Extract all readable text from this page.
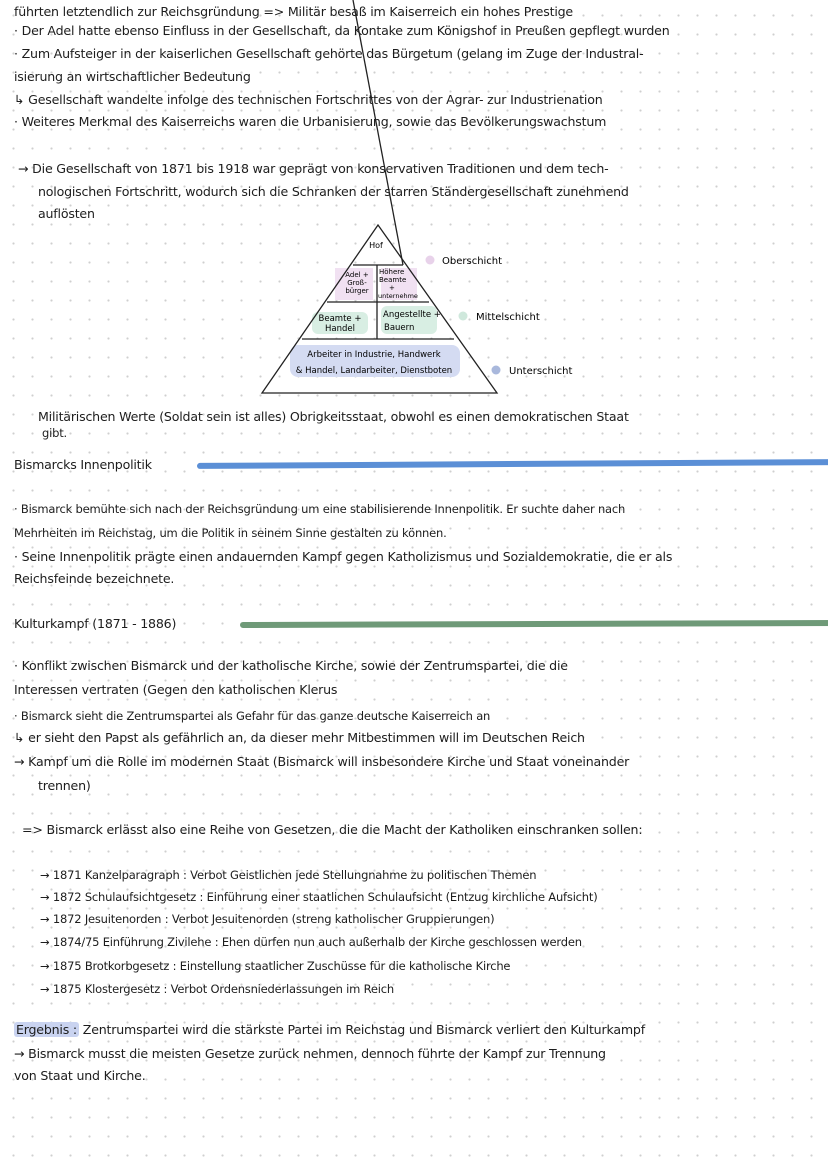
führten letztendlich zur Reichsgründung => Militär besaß im Kaiserreich ein hohes Prestige
· Der Adel hatte ebenso Einfluss in der Gesellschaft, da Kontake zum Königshof in Preußen gepflegt wurden
· Zum Aufsteiger in der kaiserlichen Gesellschaft gehörte das Bürgetum (gelang im Zuge der Industral-
isierung an wirtschaftlicher Bedeutung
↳ Gesellschaft wandelte infolge des technischen Fortschrittes von der Agrar- zur Industrienation
· Weiteres Merkmal des Kaiserreichs waren die Urbanisierung, sowie das Bevölkerungswachstum
→ Die Gesellschaft von 1871 bis 1918 war geprägt von konservativen Traditionen und dem tech-
nologischen Fortschritt, wodurch sich die Schranken der starren Ständergesellschaft zunehmend
auflösten
Hof
Adel +
Groß-
bürger
Höhere
Beamte
+
unternehme
Beamte +
Handel
Angestellte +
Bauern
Arbeiter in Industrie, Handwerk
& Handel, Landarbeiter, Dienstboten
Oberschicht
Mittelschicht
Unterschicht
Militärischen Werte (Soldat sein ist alles) Obrigkeitsstaat, obwohl es einen demokratischen Staat
gibt.
Bismarcks Innenpolitik
· Bismarck bemühte sich nach der Reichsgründung um eine stabilisierende Innenpolitik. Er suchte daher nach
Mehrheiten im Reichstag, um die Politik in seinem Sinne gestalten zu können.
· Seine Innenpolitik prägte einen andauernden Kampf gegen Katholizismus und Sozialdemokratie, die er als
Reichsfeinde bezeichnete.
Kulturkampf (1871 - 1886)
· Konflikt zwischen Bismarck und der katholische Kirche, sowie der Zentrumspartei, die die
Interessen vertraten (Gegen den katholischen Klerus
· Bismarck sieht die Zentrumspartei als Gefahr für das ganze deutsche Kaiserreich an
↳ er sieht den Papst als gefährlich an, da dieser mehr Mitbestimmen will im Deutschen Reich
→ Kampf um die Rolle im modernen Staat (Bismarck will insbesondere Kirche und Staat voneinander
trennen)
=> Bismarck erlässt also eine Reihe von Gesetzen, die die Macht der Katholiken einschranken sollen:
→ 1871 Kanzelparagraph : Verbot Geistlichen jede Stellungnahme zu politischen Themen
→ 1872 Schulaufsichtgesetz : Einführung einer staatlichen Schulaufsicht (Entzug kirchliche Aufsicht)
→ 1872 Jesuitenorden : Verbot Jesuitenorden (streng katholischer Gruppierungen)
→ 1874/75 Einführung Zivilehe : Ehen dürfen nun auch außerhalb der Kirche geschlossen werden
→ 1875 Brotkorbgesetz : Einstellung staatlicher Zuschüsse für die katholische Kirche
→ 1875 Klostergesetz : Verbot Ordensniederlassungen im Reich
Ergebnis : Zentrumspartei wird die stärkste Partei im Reichstag und Bismarck verliert den Kulturkampf
→ Bismarck musst die meisten Gesetze zurück nehmen, dennoch führte der Kampf zur Trennung
von Staat und Kirche.
